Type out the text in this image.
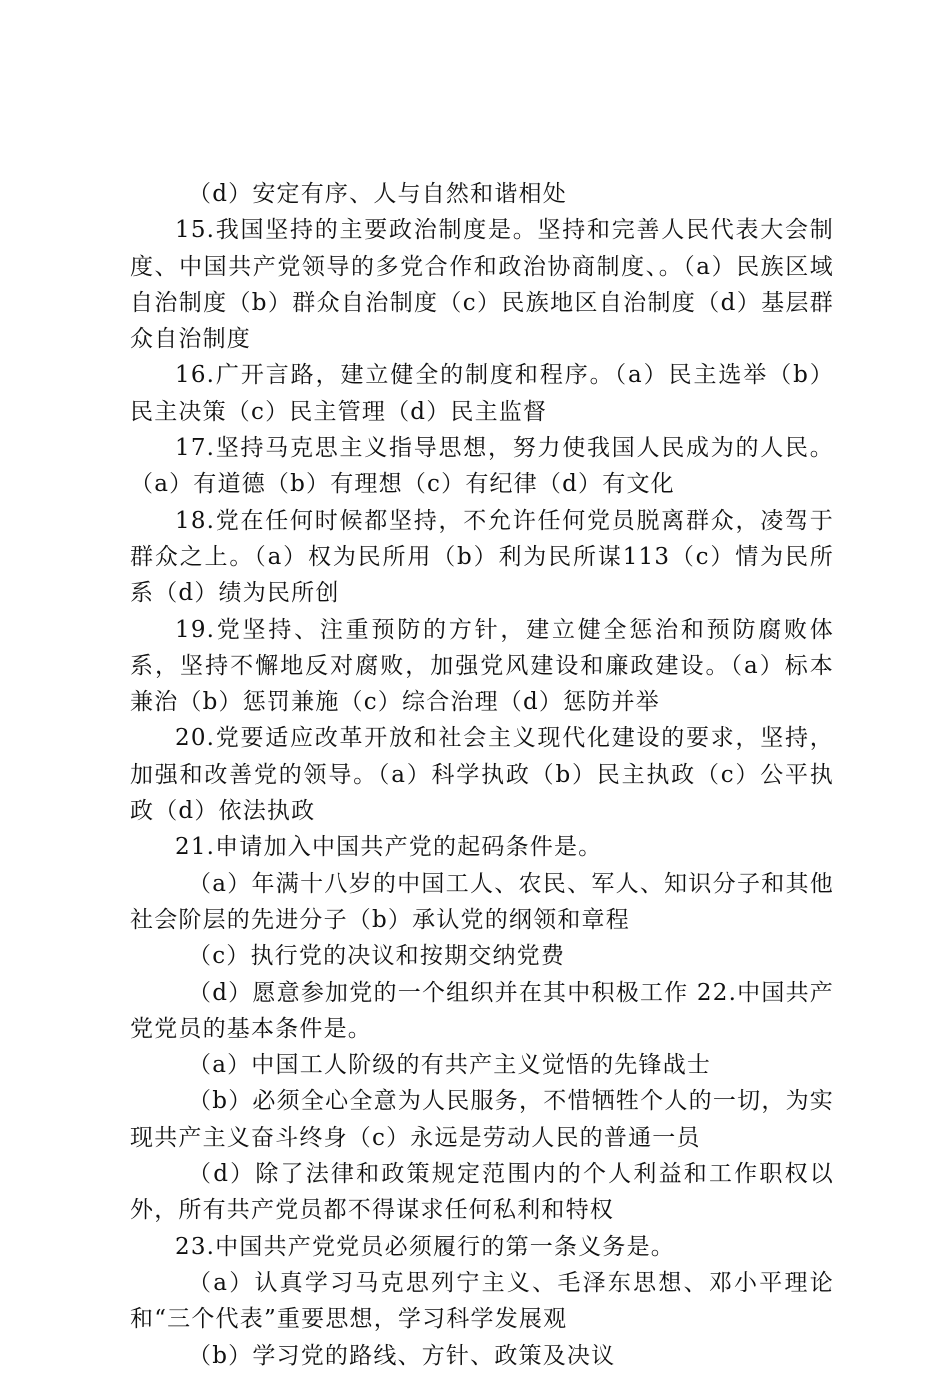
（d）安定有序、人与自然和谐相处

15.我国坚持的主要政治制度是。坚持和完善人民代表大会制度、中国共产党领导的多党合作和政治协商制度、。（a）民族区域自治制度（b）群众自治制度（c）民族地区自治制度（d）基层群众自治制度

16.广开言路，建立健全的制度和程序。（a）民主选举（b）民主决策（c）民主管理（d）民主监督

17.坚持马克思主义指导思想，努力使我国人民成为的人民。（a）有道德（b）有理想（c）有纪律（d）有文化

18.党在任何时候都坚持，不允许任何党员脱离群众，凌驾于群众之上。（a）权为民所用（b）利为民所谋113（c）情为民所系（d）绩为民所创

19.党坚持、注重预防的方针，建立健全惩治和预防腐败体系，坚持不懈地反对腐败，加强党风建设和廉政建设。（a）标本兼治（b）惩罚兼施（c）综合治理（d）惩防并举

20.党要适应改革开放和社会主义现代化建设的要求，坚持，加强和改善党的领导。（a）科学执政（b）民主执政（c）公平执政（d）依法执政

21.申请加入中国共产党的起码条件是。

（a）年满十八岁的中国工人、农民、军人、知识分子和其他社会阶层的先进分子（b）承认党的纲领和章程

（c）执行党的决议和按期交纳党费

（d）愿意参加党的一个组织并在其中积极工作 22.中国共产党党员的基本条件是。

（a）中国工人阶级的有共产主义觉悟的先锋战士

（b）必须全心全意为人民服务，不惜牺牲个人的一切，为实现共产主义奋斗终身（c）永远是劳动人民的普通一员

（d）除了法律和政策规定范围内的个人利益和工作职权以外，所有共产党员都不得谋求任何私利和特权

23.中国共产党党员必须履行的第一条义务是。

（a）认真学习马克思列宁主义、毛泽东思想、邓小平理论和“三个代表”重要思想，学习科学发展观

（b）学习党的路线、方针、政策及决议
